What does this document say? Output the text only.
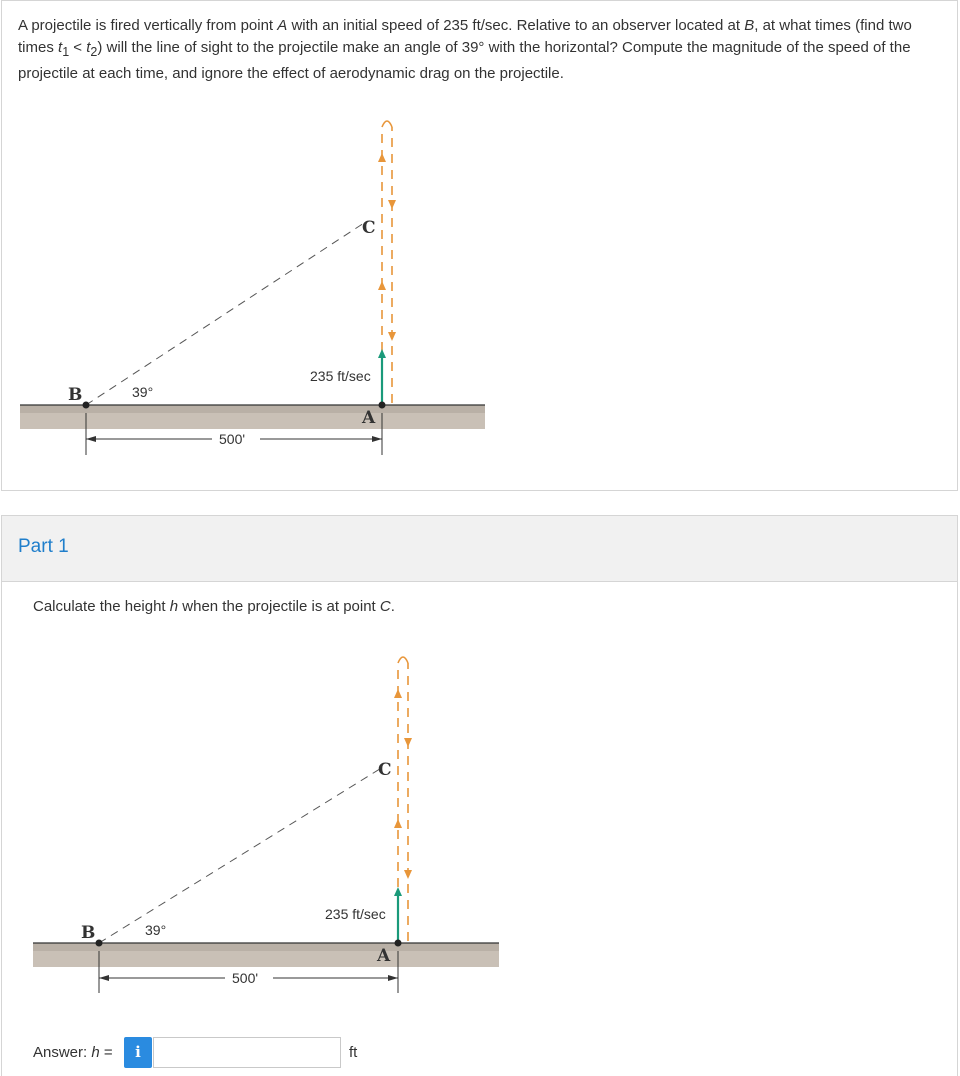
A projectile is fired vertically from point A with an initial speed of 235 ft/sec. Relative to an observer located at B, at what times (find two times $t_1 < t_2$) will the line of sight to the projectile make an angle of 39° with the horizontal? Compute the magnitude of the speed of the projectile at each time, and ignore the effect of aerodynamic drag on the projectile.
B
A
C
39°
235 ft/sec
500'
Part 1
Calculate the height h when the projectile is at point C.
B
A
C
39°
235 ft/sec
500'
Answer: h =	i	ft
